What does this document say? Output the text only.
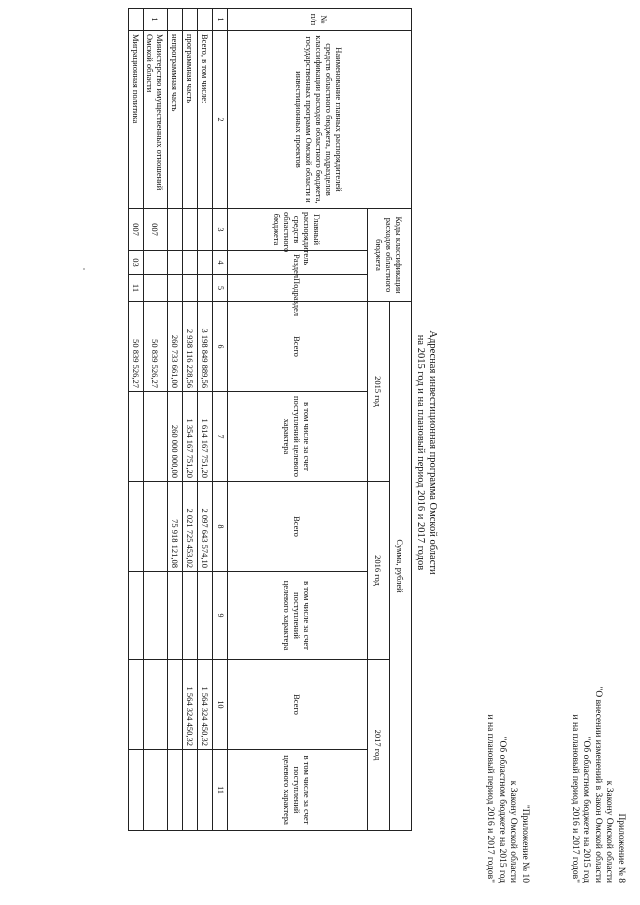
Приложение № 8
к Закону Омской области
"О внесении изменений в Закон Омской области
"Об областном бюджете на 2015 год
и на плановый период 2016 и 2017 годов"
"Приложение № 10
к Закону Омской области
"Об областном бюджете на 2015 год
и на плановый период 2016 и 2017 годов"
Адресная инвестиционная программа Омской области
на 2015 год и на плановый период 2016 и 2017 годов
№ п/п	Наименование главных распорядителей средств областного бюджета, подразделов классификации расходов областного бюджета, государственных программ Омской области и инвестиционных проектов	Коды классификации расходов областного бюджета			Сумма, рублей					
					2015 год		2016 год		2017 год	
		Главный распорядитель средств областного бюджета	Раздел	Подраздел	Всего	в том числе за счет поступлений целевого характера	Всего	в том числе за счет поступлений целевого характера	Всего	в том числе за счет поступлений целевого характера

1	2	3	4	5	6	7	8	9	10	11
	Всего, в том числе:				3 198 849 889,56	1 614 167 751,20	2 097 643 574,10		1 564 324 450,32	
	программная часть				2 938 116 228,56	1 354 167 751,20	2 021 725 453,02		1 564 324 450,32	
	непрограммная часть				260 733 661,00	260 000 000,00	75 918 121,08			
1	Министерство имущественных отношений Омской области	007			50 839 526,27					
	Миграционная политика	007	03	11	50 839 526,27					
